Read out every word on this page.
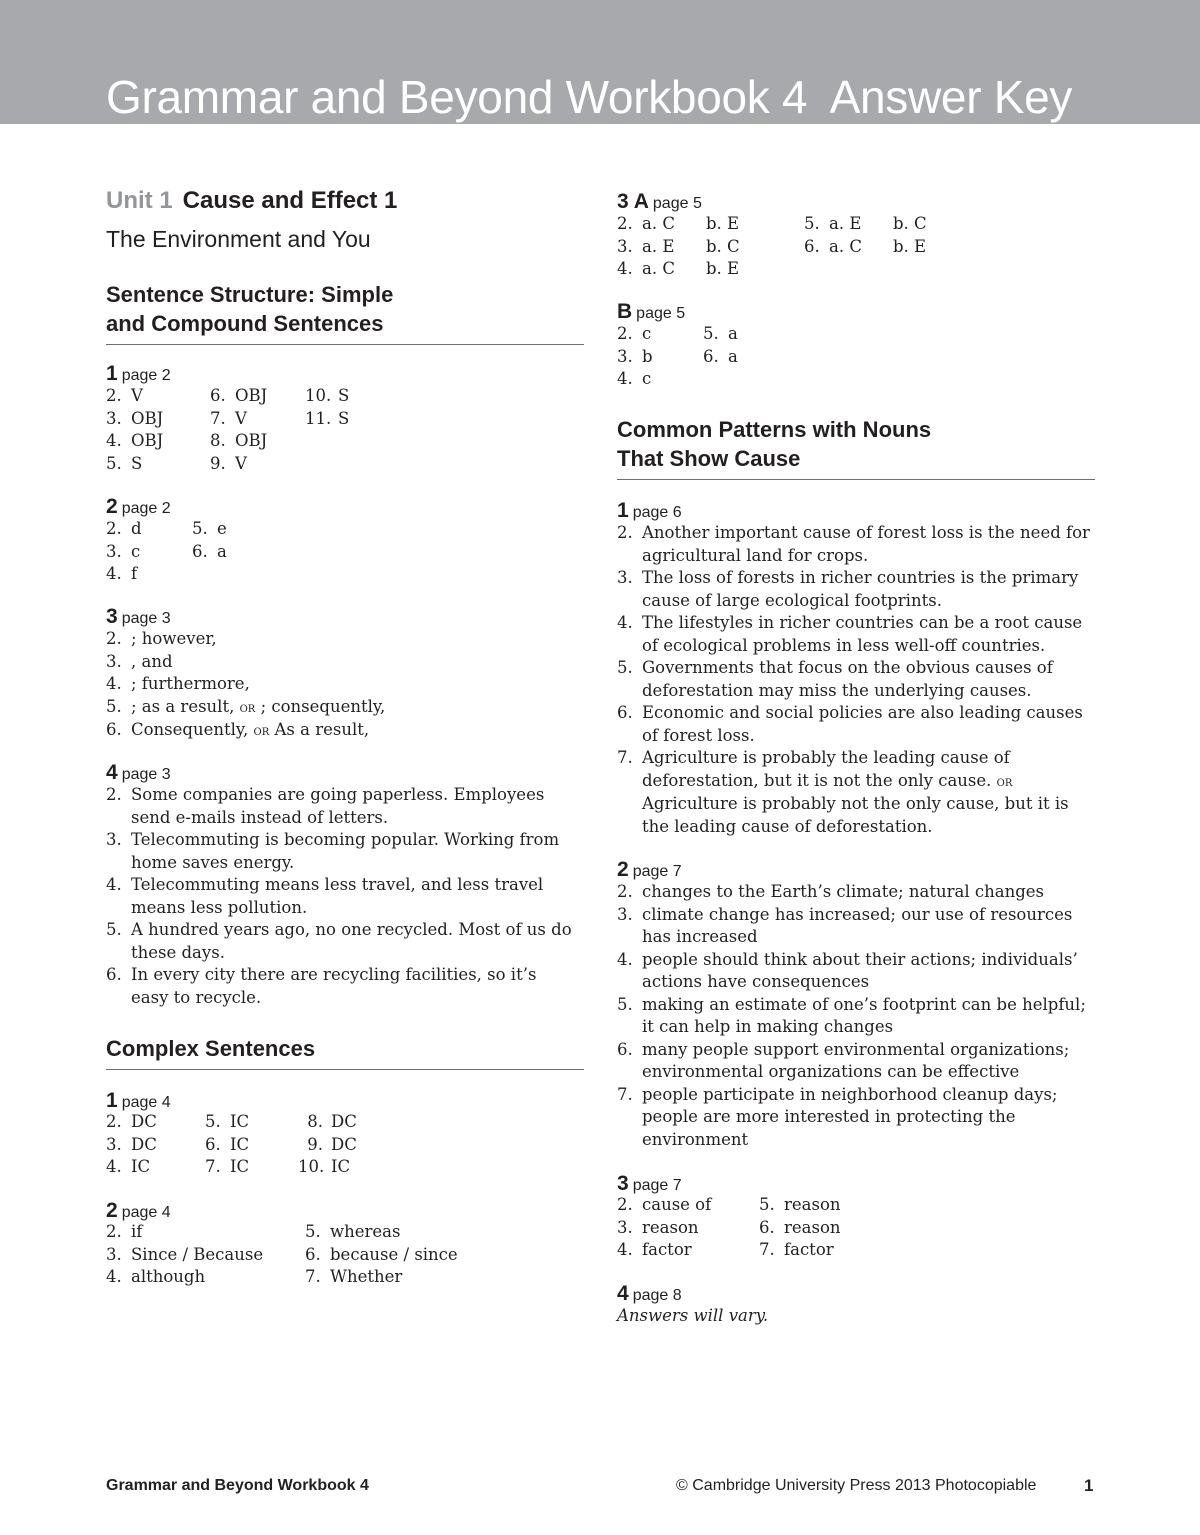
Grammar and Beyond Workbook 4  Answer Key
Unit 1 Cause and Effect 1
The Environment and You
Sentence Structure: Simple
and Compound Sentences
1 page 2
2. V
3. OBJ
4. OBJ
5. S
6. OBJ
7. V
8. OBJ
9. V
10. S
11. S
2 page 2
2. d
3. c
4. f
5. e
6. a
3 page 3
2. ; however,
3. , and
4. ; furthermore,
5. ; as a result, or ; consequently,
6. Consequently, or As a result,
4 page 3
2. Some companies are going paperless. Employees send e-mails instead of letters.
3. Telecommuting is becoming popular. Working from home saves energy.
4. Telecommuting means less travel, and less travel means less pollution.
5. A hundred years ago, no one recycled. Most of us do these days.
6. In every city there are recycling facilities, so it’s easy to recycle.
Complex Sentences
1 page 4
2. DC
3. DC
4. IC
5. IC
6. IC
7. IC
8. DC
9. DC
10. IC
2 page 4
2. if
3. Since / Because
4. although
5. whereas
6. because / since
7. Whether
3 A page 5
2. a. C b. E
3. a. E b. C
4. a. C b. E
5. a. E b. C
6. a. C b. E
B page 5
2. c
3. b
4. c
5. a
6. a
Common Patterns with Nouns
That Show Cause
1 page 6
2. Another important cause of forest loss is the need for agricultural land for crops.
3. The loss of forests in richer countries is the primary cause of large ecological footprints.
4. The lifestyles in richer countries can be a root cause of ecological problems in less well-off countries.
5. Governments that focus on the obvious causes of deforestation may miss the underlying causes.
6. Economic and social policies are also leading causes of forest loss.
7. Agriculture is probably the leading cause of deforestation, but it is not the only cause. or Agriculture is probably not the only cause, but it is the leading cause of deforestation.
2 page 7
2. changes to the Earth’s climate; natural changes
3. climate change has increased; our use of resources has increased
4. people should think about their actions; individuals’ actions have consequences
5. making an estimate of one’s footprint can be helpful; it can help in making changes
6. many people support environmental organizations; environmental organizations can be effective
7. people participate in neighborhood cleanup days; people are more interested in protecting the environment
3 page 7
2. cause of
3. reason
4. factor
5. reason
6. reason
7. factor
4 page 8
Answers will vary.
Grammar and Beyond Workbook 4	© Cambridge University Press 2013 Photocopiable	1
